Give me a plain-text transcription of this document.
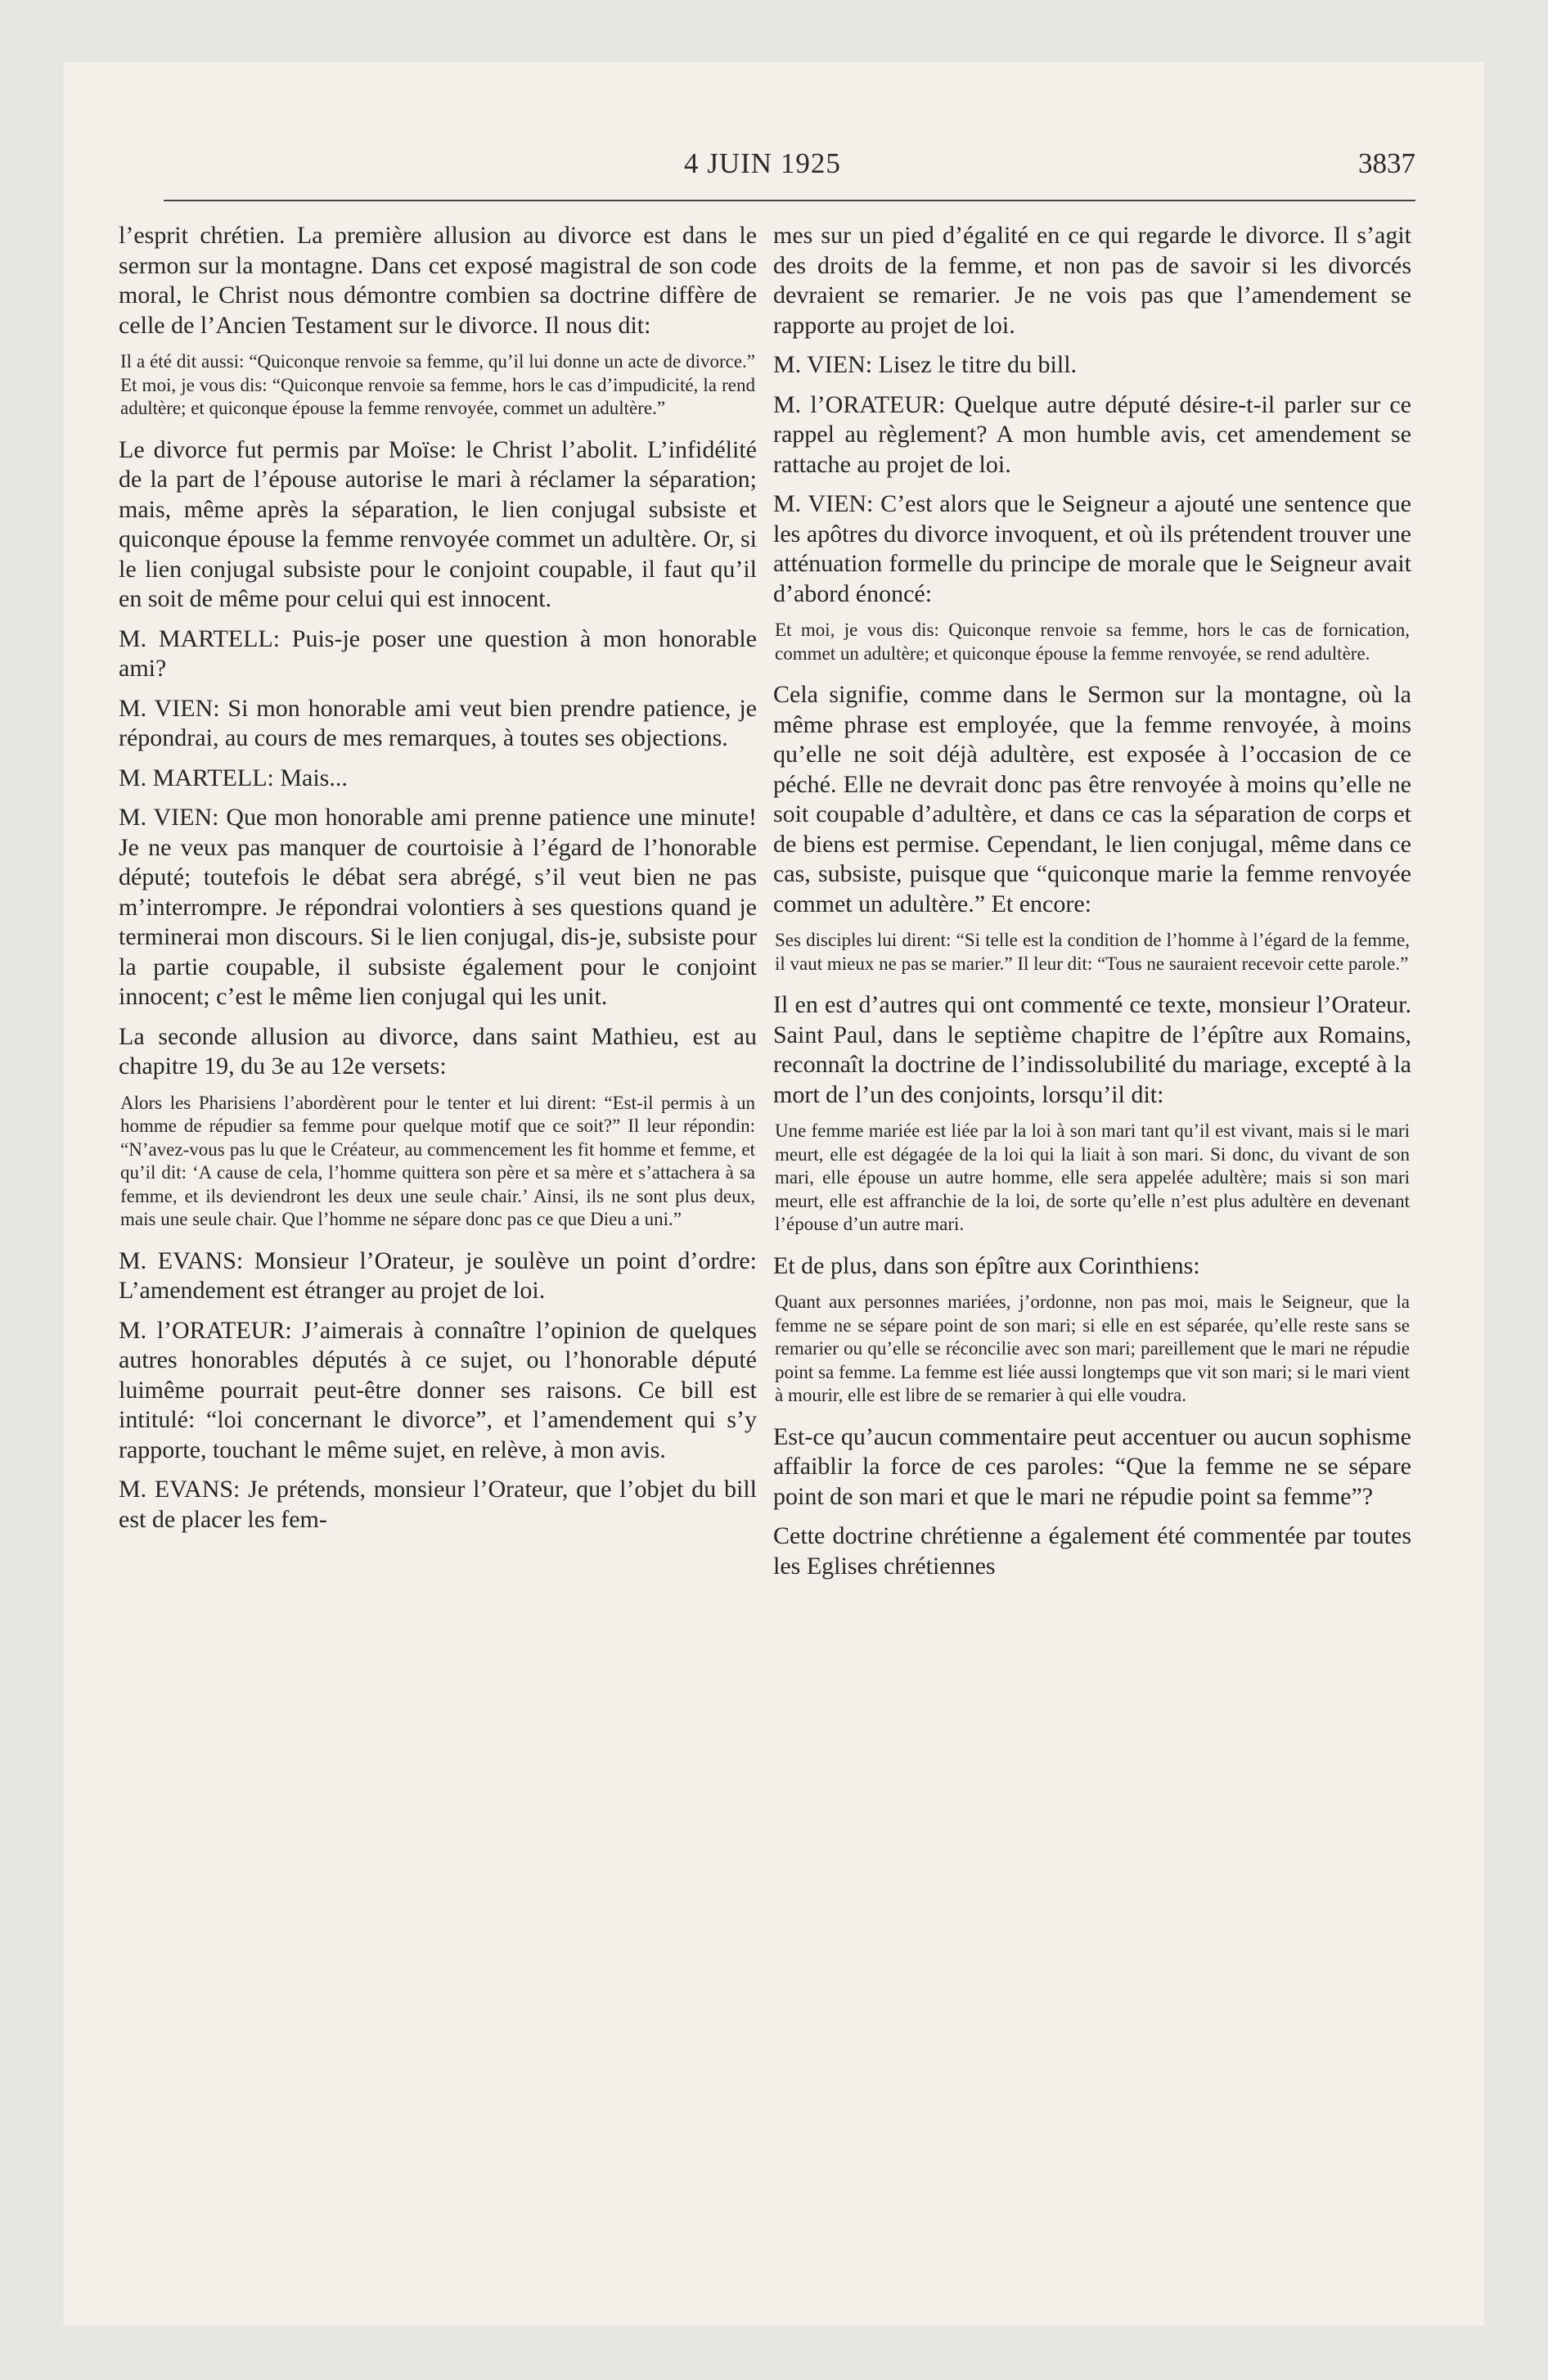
4 JUIN 1925	3837

l’esprit chrétien. La première allusion au divorce est dans le sermon sur la montagne. Dans cet exposé magistral de son code moral, le Christ nous démontre combien sa doctrine diffère de celle de l’Ancien Testament sur le divorce. Il nous dit:

Il a été dit aussi: “Quiconque renvoie sa femme, qu’il lui donne un acte de divorce.” Et moi, je vous dis: “Quiconque renvoie sa femme, hors le cas d’impudicité, la rend adultère; et quiconque épouse la femme renvoyée, commet un adultère.”

Le divorce fut permis par Moïse: le Christ l’abolit. L’infidélité de la part de l’épouse autorise le mari à réclamer la séparation; mais, même après la séparation, le lien conjugal subsiste et quiconque épouse la femme renvoyée commet un adultère. Or, si le lien conjugal subsiste pour le conjoint coupable, il faut qu’il en soit de même pour celui qui est innocent.

M. MARTELL: Puis-je poser une question à mon honorable ami?

M. VIEN: Si mon honorable ami veut bien prendre patience, je répondrai, au cours de mes remarques, à toutes ses objections.

M. MARTELL: Mais...

M. VIEN: Que mon honorable ami prenne patience une minute! Je ne veux pas manquer de courtoisie à l’égard de l’honorable député; toutefois le débat sera abrégé, s’il veut bien ne pas m’interrompre. Je répondrai volontiers à ses questions quand je terminerai mon discours. Si le lien conjugal, dis-je, subsiste pour la partie coupable, il subsiste également pour le conjoint innocent; c’est le même lien conjugal qui les unit.

La seconde allusion au divorce, dans saint Mathieu, est au chapitre 19, du 3e au 12e versets:

Alors les Pharisiens l’abordèrent pour le tenter et lui dirent: “Est-il permis à un homme de répudier sa femme pour quelque motif que ce soit?” Il leur répondin: “N’avez-vous pas lu que le Créateur, au commencement les fit homme et femme, et qu’il dit: ‘A cause de cela, l’homme quittera son père et sa mère et s’attachera à sa femme, et ils deviendront les deux une seule chair.’ Ainsi, ils ne sont plus deux, mais une seule chair. Que l’homme ne sépare donc pas ce que Dieu a uni.”

M. EVANS: Monsieur l’Orateur, je soulève un point d’ordre: L’amendement est étranger au projet de loi.

M. l’ORATEUR: J’aimerais à connaître l’opinion de quelques autres honorables députés à ce sujet, ou l’honorable député luimême pourrait peut-être donner ses raisons. Ce bill est intitulé: “loi concernant le divorce”, et l’amendement qui s’y rapporte, touchant le même sujet, en relève, à mon avis.

M. EVANS: Je prétends, monsieur l’Orateur, que l’objet du bill est de placer les fem-

mes sur un pied d’égalité en ce qui regarde le divorce. Il s’agit des droits de la femme, et non pas de savoir si les divorcés devraient se remarier. Je ne vois pas que l’amendement se rapporte au projet de loi.

M. VIEN: Lisez le titre du bill.

M. l’ORATEUR: Quelque autre député désire-t-il parler sur ce rappel au règlement? A mon humble avis, cet amendement se rattache au projet de loi.

M. VIEN: C’est alors que le Seigneur a ajouté une sentence que les apôtres du divorce invoquent, et où ils prétendent trouver une atténuation formelle du principe de morale que le Seigneur avait d’abord énoncé:

Et moi, je vous dis: Quiconque renvoie sa femme, hors le cas de fornication, commet un adultère; et quiconque épouse la femme renvoyée, se rend adultère.

Cela signifie, comme dans le Sermon sur la montagne, où la même phrase est employée, que la femme renvoyée, à moins qu’elle ne soit déjà adultère, est exposée à l’occasion de ce péché. Elle ne devrait donc pas être renvoyée à moins qu’elle ne soit coupable d’adultère, et dans ce cas la séparation de corps et de biens est permise. Cependant, le lien conjugal, même dans ce cas, subsiste, puisque que “quiconque marie la femme renvoyée commet un adultère.” Et encore:

Ses disciples lui dirent: “Si telle est la condition de l’homme à l’égard de la femme, il vaut mieux ne pas se marier.” Il leur dit: “Tous ne sauraient recevoir cette parole.”

Il en est d’autres qui ont commenté ce texte, monsieur l’Orateur. Saint Paul, dans le septième chapitre de l’épître aux Romains, reconnaît la doctrine de l’indissolubilité du mariage, excepté à la mort de l’un des conjoints, lorsqu’il dit:

Une femme mariée est liée par la loi à son mari tant qu’il est vivant, mais si le mari meurt, elle est dégagée de la loi qui la liait à son mari. Si donc, du vivant de son mari, elle épouse un autre homme, elle sera appelée adultère; mais si son mari meurt, elle est affranchie de la loi, de sorte qu’elle n’est plus adultère en devenant l’épouse d’un autre mari.

Et de plus, dans son épître aux Corinthiens:

Quant aux personnes mariées, j’ordonne, non pas moi, mais le Seigneur, que la femme ne se sépare point de son mari; si elle en est séparée, qu’elle reste sans se remarier ou qu’elle se réconcilie avec son mari; pareillement que le mari ne répudie point sa femme. La femme est liée aussi longtemps que vit son mari; si le mari vient à mourir, elle est libre de se remarier à qui elle voudra.

Est-ce qu’aucun commentaire peut accentuer ou aucun sophisme affaiblir la force de ces paroles: “Que la femme ne se sépare point de son mari et que le mari ne répudie point sa femme”?

Cette doctrine chrétienne a également été commentée par toutes les Eglises chrétiennes
